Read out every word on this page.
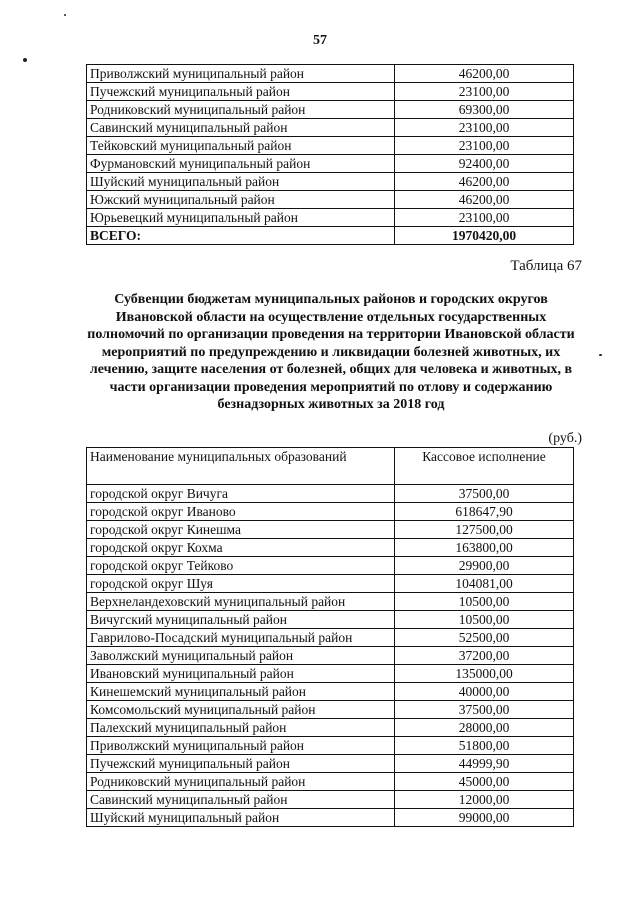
57
Приволжский муниципальный район	46200,00
Пучежский муниципальный район	23100,00
Родниковский муниципальный район	69300,00
Савинский муниципальный район	23100,00
Тейковский муниципальный район	23100,00
Фурмановский муниципальный район	92400,00
Шуйский муниципальный район	46200,00
Южский муниципальный район	46200,00
Юрьевецкий муниципальный район	23100,00
ВСЕГО:	1970420,00
Таблица 67
Субвенции бюджетам муниципальных районов и городских округов Ивановской области на осуществление отдельных государственных полномочий по организации проведения на территории Ивановской области мероприятий по предупреждению и ликвидации болезней животных, их лечению, защите населения от болезней, общих для человека и животных, в части организации проведения мероприятий по отлову и содержанию безнадзорных животных за 2018 год
(руб.)
Наименование муниципальных образований	Кассовое исполнение
городской округ Вичуга	37500,00
городской округ Иваново	618647,90
городской округ Кинешма	127500,00
городской округ Кохма	163800,00
городской округ Тейково	29900,00
городской округ Шуя	104081,00
Верхнеландеховский муниципальный район	10500,00
Вичугский муниципальный район	10500,00
Гаврилово-Посадский муниципальный район	52500,00
Заволжский муниципальный район	37200,00
Ивановский муниципальный район	135000,00
Кинешемский муниципальный район	40000,00
Комсомольский муниципальный район	37500,00
Палехский муниципальный район	28000,00
Приволжский муниципальный район	51800,00
Пучежский муниципальный район	44999,90
Родниковский муниципальный район	45000,00
Савинский муниципальный район	12000,00
Шуйский муниципальный район	99000,00
